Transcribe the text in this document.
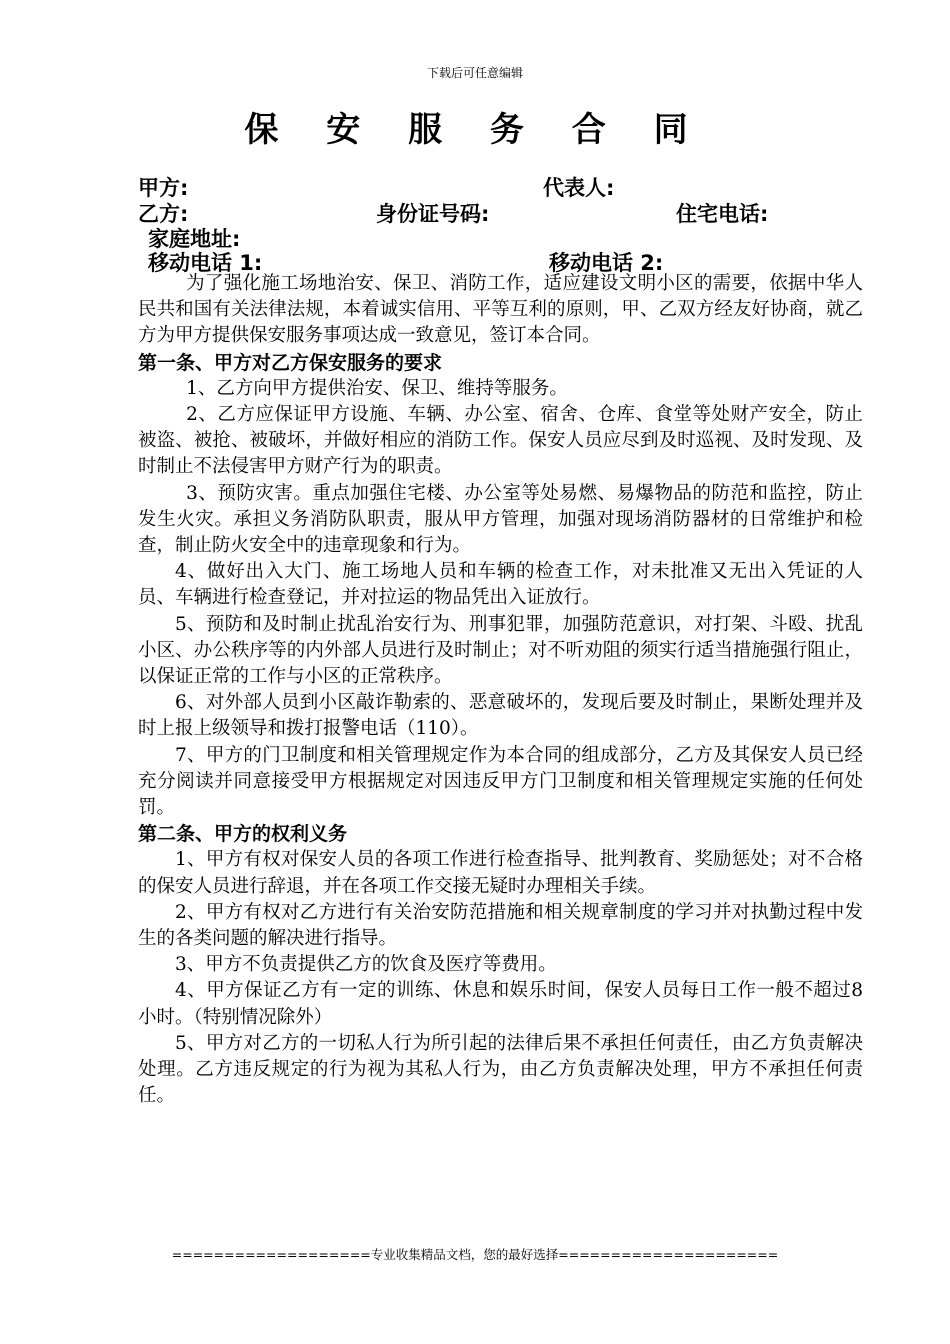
下载后可任意编辑
保 安 服 务 合 同
甲方:	代表人:
乙方:	身份证号码:	住宅电话:
家庭地址:
移动电话 1:	移动电话 2:

为了强化施工场地治安、保卫、消防工作，适应建设文明小区的需要，依据中华人民共和国有关法律法规，本着诚实信用、平等互利的原则，甲、乙双方经友好协商，就乙方为甲方提供保安服务事项达成一致意见，签订本合同。

第一条、甲方对乙方保安服务的要求

1、乙方向甲方提供治安、保卫、维持等服务。

2、乙方应保证甲方设施、车辆、办公室、宿舍、仓库、食堂等处财产安全，防止被盗、被抢、被破坏，并做好相应的消防工作。保安人员应尽到及时巡视、及时发现、及时制止不法侵害甲方财产行为的职责。

3、预防灾害。重点加强住宅楼、办公室等处易燃、易爆物品的防范和监控，防止发生火灾。承担义务消防队职责，服从甲方管理，加强对现场消防器材的日常维护和检查，制止防火安全中的违章现象和行为。

4、做好出入大门、施工场地人员和车辆的检查工作，对未批准又无出入凭证的人员、车辆进行检查登记，并对拉运的物品凭出入证放行。

5、预防和及时制止扰乱治安行为、刑事犯罪，加强防范意识，对打架、斗殴、扰乱小区、办公秩序等的内外部人员进行及时制止；对不听劝阻的须实行适当措施强行阻止，以保证正常的工作与小区的正常秩序。

6、对外部人员到小区敲诈勒索的、恶意破坏的，发现后要及时制止，果断处理并及时上报上级领导和拨打报警电话（110）。

7、甲方的门卫制度和相关管理规定作为本合同的组成部分，乙方及其保安人员已经充分阅读并同意接受甲方根据规定对因违反甲方门卫制度和相关管理规定实施的任何处罚。

第二条、甲方的权利义务

1、甲方有权对保安人员的各项工作进行检查指导、批判教育、奖励惩处；对不合格的保安人员进行辞退，并在各项工作交接无疑时办理相关手续。

2、甲方有权对乙方进行有关治安防范措施和相关规章制度的学习并对执勤过程中发生的各类问题的解决进行指导。

3、甲方不负责提供乙方的饮食及医疗等费用。

4、甲方保证乙方有一定的训练、休息和娱乐时间，保安人员每日工作一般不超过8小时。（特别情况除外）

5、甲方对乙方的一切私人行为所引起的法律后果不承担任何责任，由乙方负责解决处理。乙方违反规定的行为视为其私人行为，由乙方负责解决处理，甲方不承担任何责任。

===================专业收集精品文档，您的最好选择=====================
